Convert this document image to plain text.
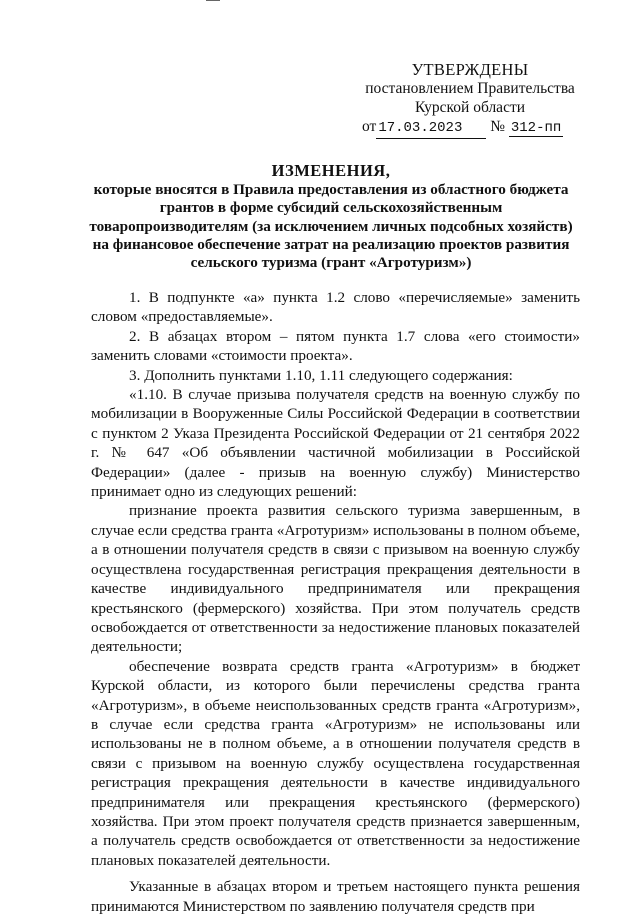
УТВЕРЖДЕНЫ
постановлением Правительства
Курской области
от 17.03.2023 № 312-пп
ИЗМЕНЕНИЯ,
которые вносятся в Правила предоставления из областного бюджета грантов в форме субсидий сельскохозяйственным товаропроизводителям (за исключением личных подсобных хозяйств) на финансовое обеспечение затрат на реализацию проектов развития сельского туризма (грант «Агротуризм»)

1. В подпункте «а» пункта 1.2 слово «перечисляемые» заменить словом «предоставляемые».

2. В абзацах втором – пятом пункта 1.7 слова «его стоимости» заменить словами «стоимости проекта».

3. Дополнить пунктами 1.10, 1.11 следующего содержания:

«1.10. В случае призыва получателя средств на военную службу по мобилизации в Вооруженные Силы Российской Федерации в соответствии с пунктом 2 Указа Президента Российской Федерации от 21 сентября 2022 г. № 647 «Об объявлении частичной мобилизации в Российской Федерации» (далее - призыв на военную службу) Министерство принимает одно из следующих решений:

признание проекта развития сельского туризма завершенным, в случае если средства гранта «Агротуризм» использованы в полном объеме, а в отношении получателя средств в связи с призывом на военную службу осуществлена государственная регистрация прекращения деятельности в качестве индивидуального предпринимателя или прекращения крестьянского (фермерского) хозяйства. При этом получатель средств освобождается от ответственности за недостижение плановых показателей деятельности;

обеспечение возврата средств гранта «Агротуризм» в бюджет Курской области, из которого были перечислены средства гранта «Агротуризм», в объеме неиспользованных средств гранта «Агротуризм», в случае если средства гранта «Агротуризм» не использованы или использованы не в полном объеме, а в отношении получателя средств в связи с призывом на военную службу осуществлена государственная регистрация прекращения деятельности в качестве индивидуального предпринимателя или прекращения крестьянского (фермерского) хозяйства. При этом проект получателя средств признается завершенным, а получатель средств освобождается от ответственности за недостижение плановых показателей деятельности.

Указанные в абзацах втором и третьем настоящего пункта решения принимаются Министерством по заявлению получателя средств при
